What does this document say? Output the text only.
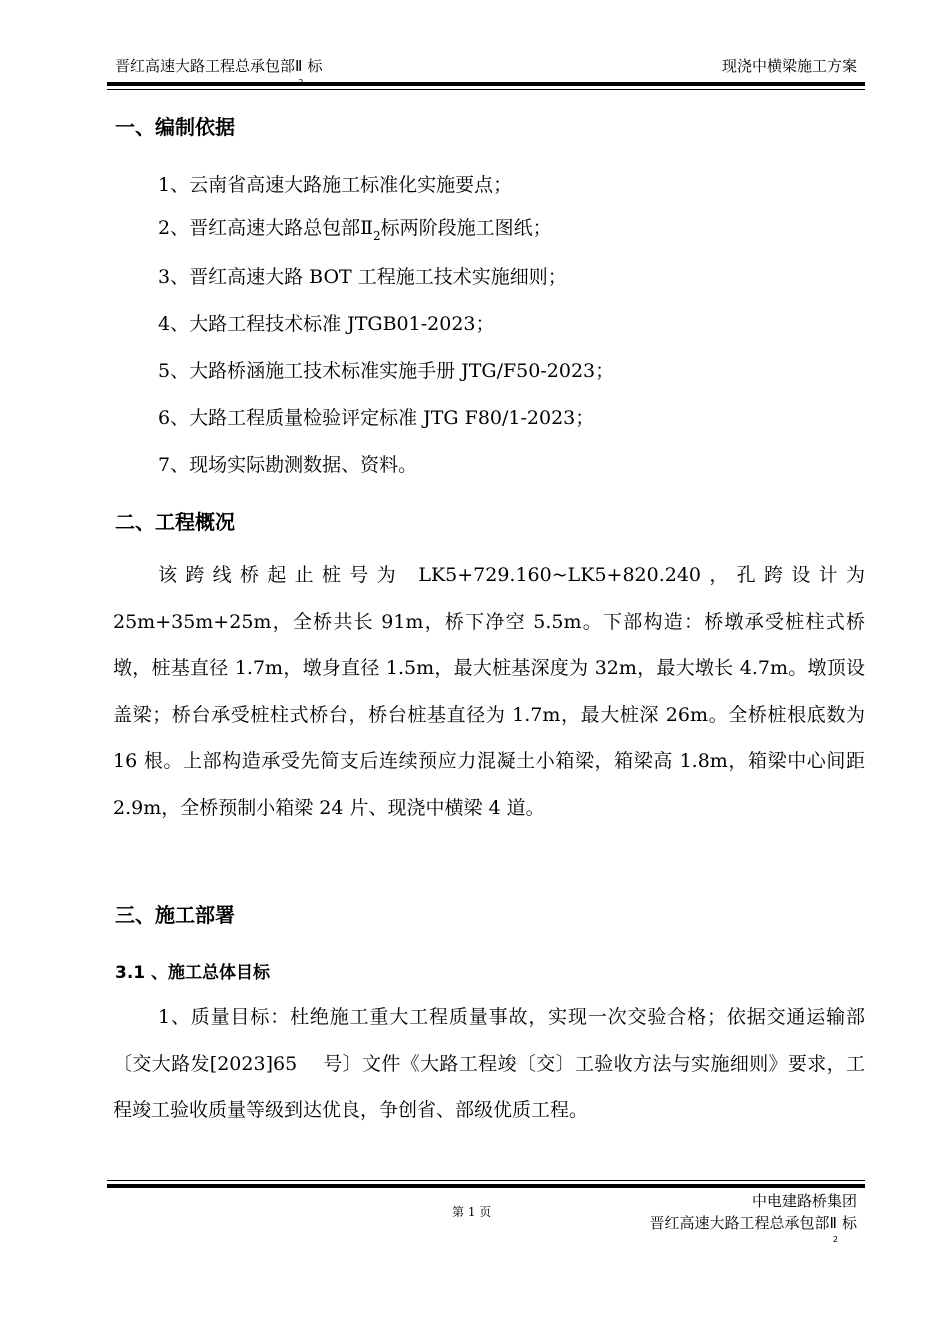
晋红高速大路工程总承包部Ⅱ 标	现浇中横梁施工方案
一、编制依据
1、云南省高速大路施工标准化实施要点；
2、晋红高速大路总包部$Ⅱ_2$标两阶段施工图纸；
3、晋红高速大路 BOT 工程施工技术实施细则；
4、大路工程技术标准 JTGB01-2023；
5、大路桥涵施工技术标准实施手册 JTG/F50-2023；
6、大路工程质量检验评定标准 JTG F80/1-2023；
7、现场实际勘测数据、资料。
二、工程概况
该跨线桥起止桩号为 LK5+729.160~LK5+820.240，孔跨设计为25m+35m+25m，全桥共长 91m，桥下净空 5.5m。下部构造：桥墩承受桩柱式桥墩，桩基直径 1.7m，墩身直径 1.5m，最大桩基深度为 32m，最大墩长 4.7m。墩顶设盖梁；桥台承受桩柱式桥台，桥台桩基直径为 1.7m，最大桩深 26m。全桥桩根底数为 16 根。上部构造承受先简支后连续预应力混凝土小箱梁，箱梁高 1.8m，箱梁中心间距 2.9m，全桥预制小箱梁 24 片、现浇中横梁 4 道。
三、施工部署
3.1 、施工总体目标
1、质量目标：杜绝施工重大工程质量事故，实现一次交验合格；依据交通运输部〔交大路发[2023]65　 号〕文件《大路工程竣〔交〕工验收方法与实施细则》要求，工程竣工验收质量等级到达优良，争创省、部级优质工程。
第 1 页
中电建路桥集团
晋红高速大路工程总承包部$Ⅱ_2$标
